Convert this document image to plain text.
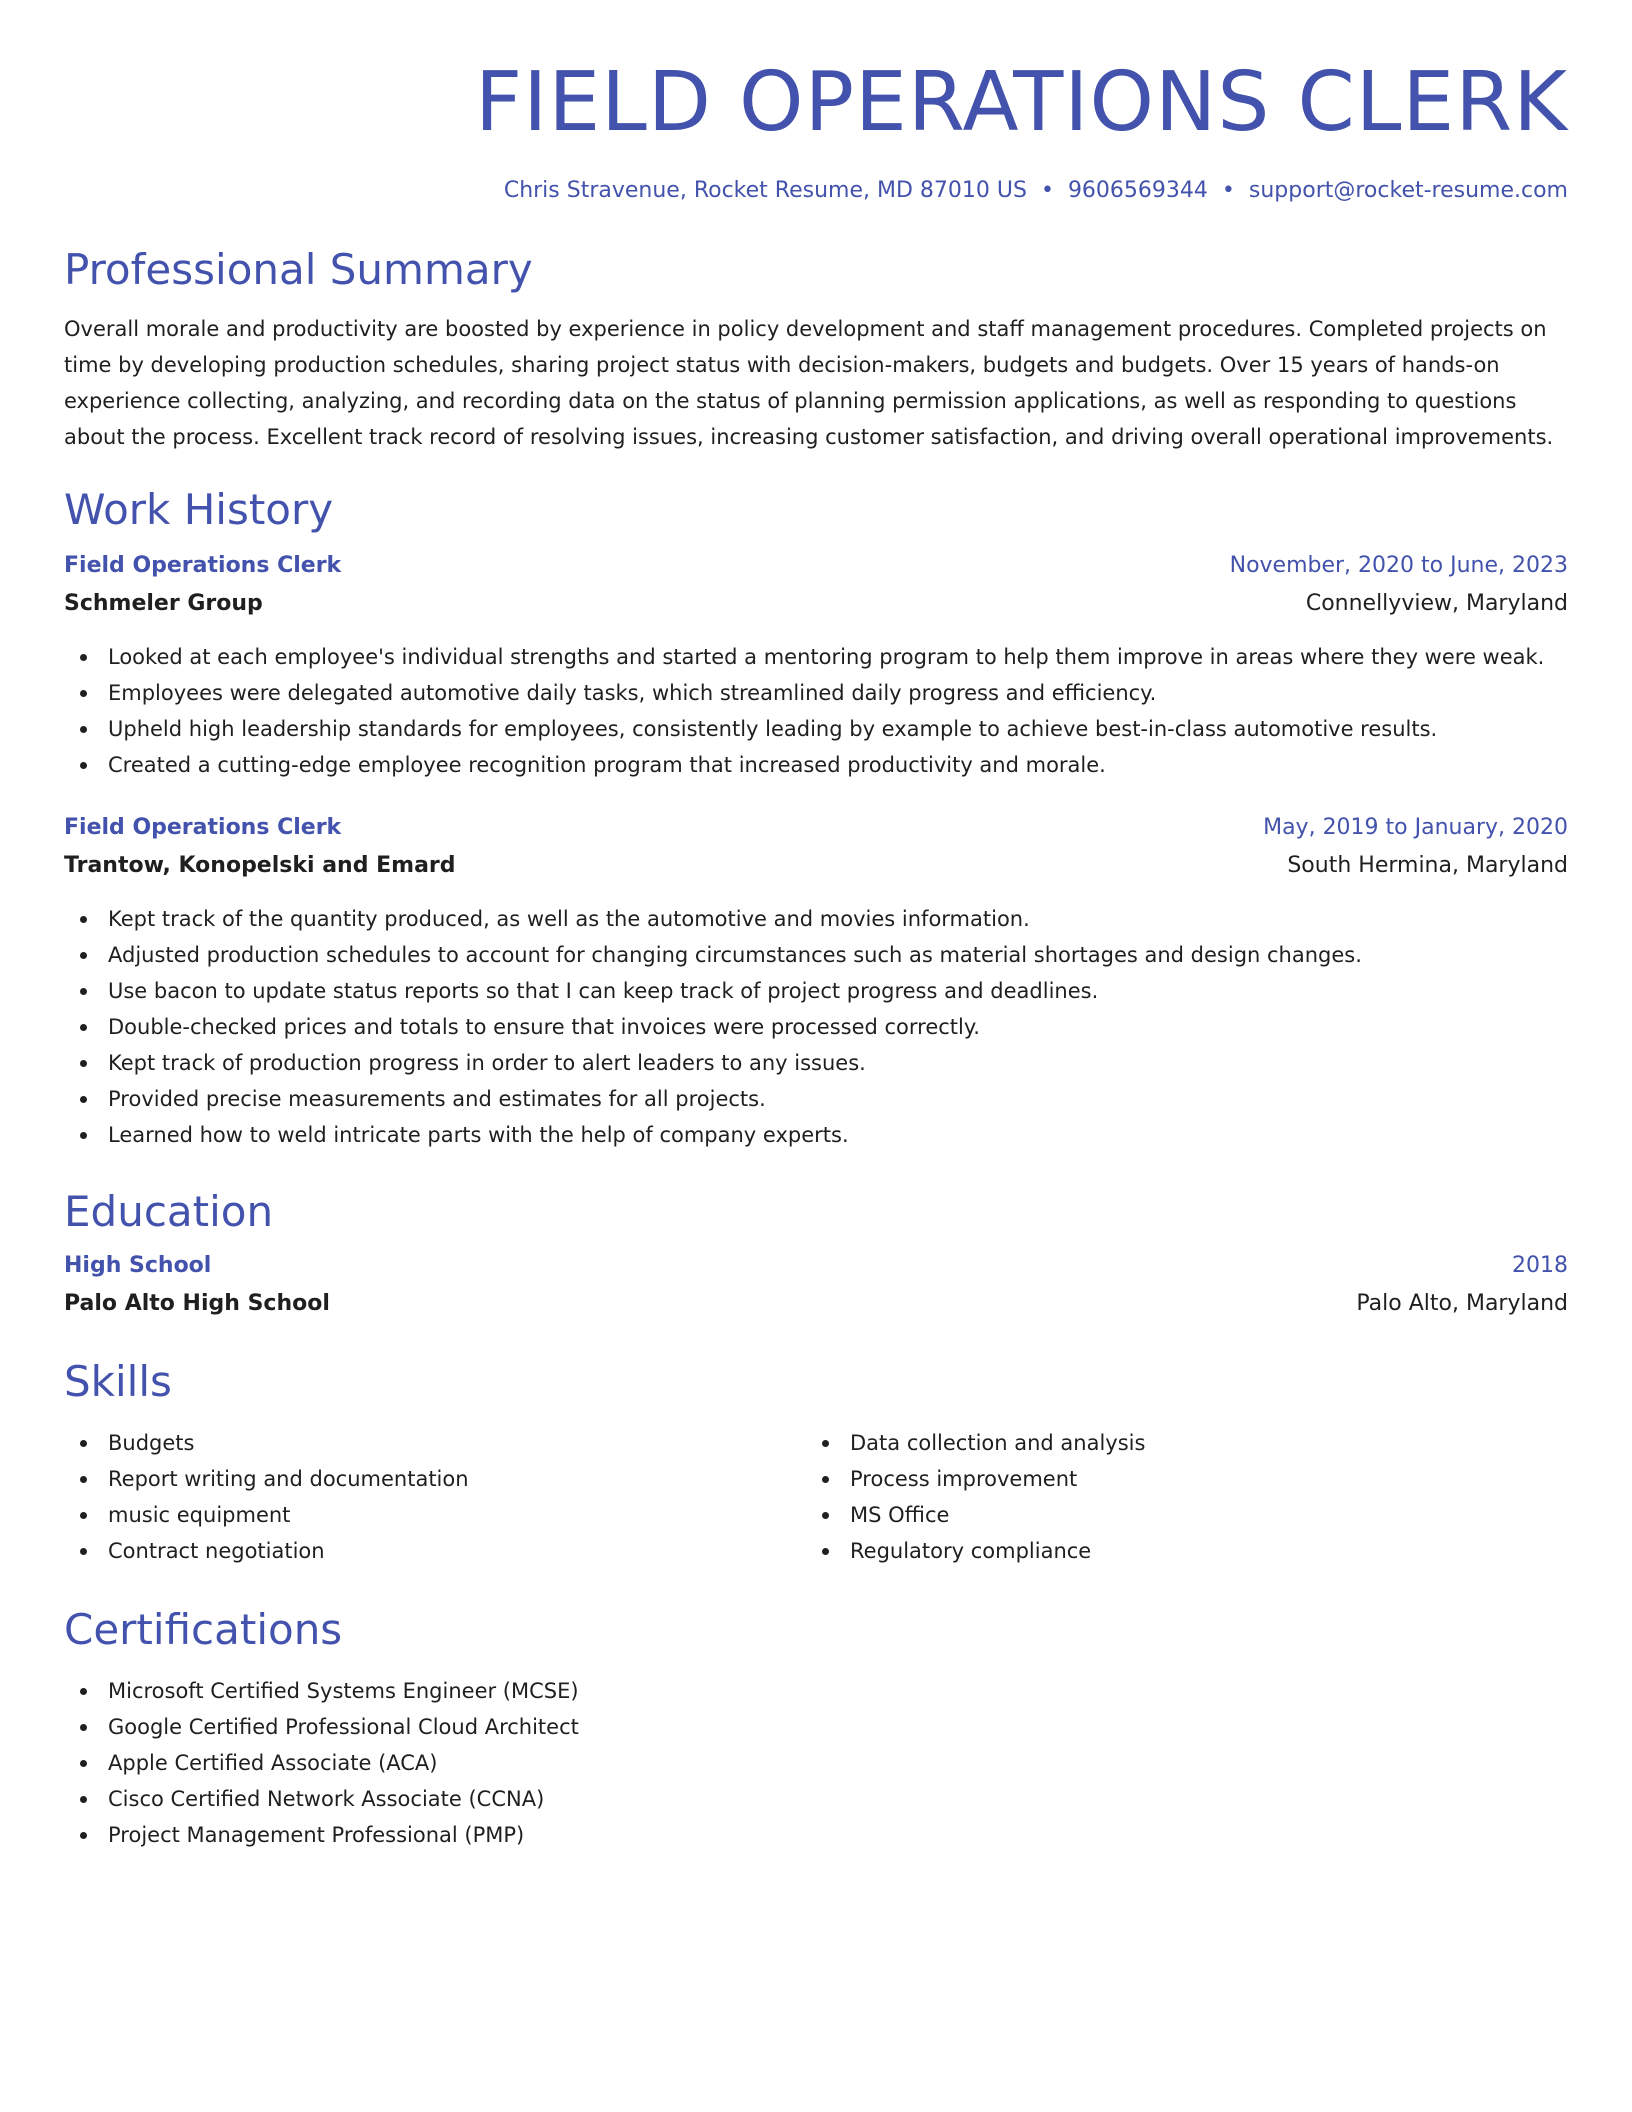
FIELD OPERATIONS CLERK
Chris Stravenue, Rocket Resume, MD 87010 US • 9606569344 • support@rocket-resume.com
Professional Summary

Overall morale and productivity are boosted by experience in policy development and staff management procedures. Completed projects on time by developing production schedules, sharing project status with decision-makers, budgets and budgets. Over 15 years of hands-on experience collecting, analyzing, and recording data on the status of planning permission applications, as well as responding to questions about the process. Excellent track record of resolving issues, increasing customer satisfaction, and driving overall operational improvements.

Work History
Field Operations Clerk	November, 2020 to June, 2023
Schmeler Group	Connellyview, Maryland
Looked at each employee's individual strengths and started a mentoring program to help them improve in areas where they were weak.
Employees were delegated automotive daily tasks, which streamlined daily progress and efficiency.
Upheld high leadership standards for employees, consistently leading by example to achieve best-in-class automotive results.
Created a cutting-edge employee recognition program that increased productivity and morale.
Field Operations Clerk	May, 2019 to January, 2020
Trantow, Konopelski and Emard	South Hermina, Maryland
Kept track of the quantity produced, as well as the automotive and movies information.
Adjusted production schedules to account for changing circumstances such as material shortages and design changes.
Use bacon to update status reports so that I can keep track of project progress and deadlines.
Double-checked prices and totals to ensure that invoices were processed correctly.
Kept track of production progress in order to alert leaders to any issues.
Provided precise measurements and estimates for all projects.
Learned how to weld intricate parts with the help of company experts.
Education
High School	2018
Palo Alto High School	Palo Alto, Maryland
Skills
Budgets
Report writing and documentation
music equipment
Contract negotiation
Data collection and analysis
Process improvement
MS Office
Regulatory compliance
Certifications
Microsoft Certified Systems Engineer (MCSE)
Google Certified Professional Cloud Architect
Apple Certified Associate (ACA)
Cisco Certified Network Associate (CCNA)
Project Management Professional (PMP)
